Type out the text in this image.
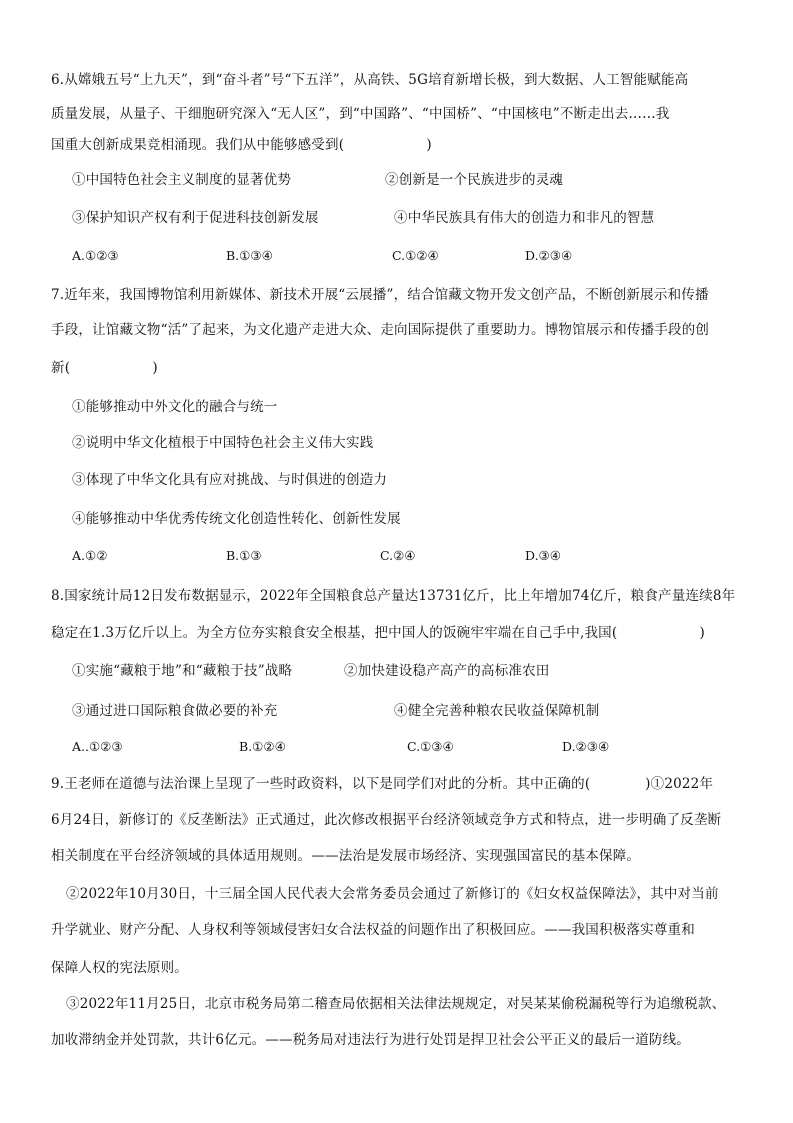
6.从嫦娥五号“上九天”，到“奋斗者”号“下五洋”，从高铁、5G培育新增长极，到大数据、人工智能赋能高
质量发展，从量子、干细胞研究深入“无人区”，到“中国路”、“中国桥”、“中国核电”不断走出去……我
国重大创新成果竞相涌现。我们从中能够感受到(　　　　　　)
①中国特色社会主义制度的显著优势	②创新是一个民族进步的灵魂
③保护知识产权有利于促进科技创新发展	④中华民族具有伟大的创造力和非凡的智慧
A.①②③	B.①③④	C.①②④	D.②③④
7.近年来，我国博物馆利用新媒体、新技术开展“云展播”，结合馆藏文物开发文创产品，不断创新展示和传播
手段，让馆藏文物“活”了起来，为文化遗产走进大众、走向国际提供了重要助力。博物馆展示和传播手段的创
新(　　　　　　)
①能够推动中外文化的融合与统一
②说明中华文化植根于中国特色社会主义伟大实践
③体现了中华文化具有应对挑战、与时俱进的创造力
④能够推动中华优秀传统文化创造性转化、创新性发展
A.①②	B.①③	C.②④	D.③④
8.国家统计局12日发布数据显示，2022年全国粮食总产量达13731亿斤，比上年增加74亿斤，粮食产量连续8年
稳定在1.3万亿斤以上。为全方位夯实粮食安全根基，把中国人的饭碗牢牢端在自己手中,我国(　　　　　　)
①实施“藏粮于地”和“藏粮于技”战略	②加快建设稳产高产的高标准农田
③通过进口国际粮食做必要的补充	④健全完善种粮农民收益保障机制
A..①②③	B.①②④	C.①③④	D.②③④
9.王老师在道德与法治课上呈现了一些时政资料，以下是同学们对此的分析。其中正确的(　　　　)①2022年
6月24日，新修订的《反垄断法》正式通过，此次修改根据平台经济领域竞争方式和特点，进一步明确了反垄断
相关制度在平台经济领域的具体适用规则。——法治是发展市场经济、实现强国富民的基本保障。
②2022年10月30日，十三届全国人民代表大会常务委员会通过了新修订的《妇女权益保障法》，其中对当前
升学就业、财产分配、人身权利等领域侵害妇女合法权益的问题作出了积极回应。——我国积极落实尊重和
保障人权的宪法原则。
③2022年11月25日，北京市税务局第二稽查局依据相关法律法规规定，对吴某某偷税漏税等行为追缴税款、
加收滞纳金并处罚款，共计6亿元。——税务局对违法行为进行处罚是捍卫社会公平正义的最后一道防线。
